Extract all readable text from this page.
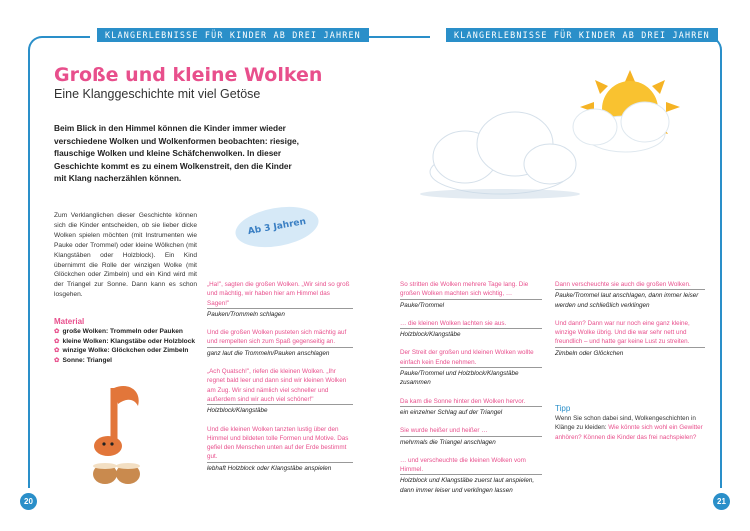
KLANGERLEBNISSE FÜR KINDER AB DREI JAHREN	KLANGERLEBNISSE FÜR KINDER AB DREI JAHREN
Große und kleine Wolken
Eine Klanggeschichte mit viel Getöse
Beim Blick in den Himmel können die Kinder immer wieder verschiedene Wolken und Wolkenformen beobachten: riesige, flauschige Wolken und kleine Schäfchenwolken. In dieser Geschichte kommt es zu einem Wolkenstreit, den die Kinder mit Klang nacherzählen können.
Zum Verklanglichen dieser Geschichte können sich die Kinder entscheiden, ob sie lieber dicke Wolken spielen möchten (mit Instrumenten wie Pauke oder Trommel) oder kleine Wölkchen (mit Klangstäben oder Holzblock). Ein Kind übernimmt die Rolle der winzigen Wolke (mit Glöckchen oder Zimbeln) und ein Kind wird mit der Triangel zur Sonne. Dann kann es schon losgehen.
Ab 3 Jahren
Material
✿ große Wolken: Trommeln oder Pauken
✿ kleine Wolken: Klangstäbe oder Holzblock
✿ winzige Wolke: Glöckchen oder Zimbeln
✿ Sonne: Triangel

„Ha!", sagten die großen Wolken. „Wir sind so groß und mächtig, wir haben hier am Himmel das Sagen!"
Pauken/Trommeln schlagen

Und die großen Wolken pusteten sich mächtig auf und rempelten sich zum Spaß gegenseitig an.
ganz laut die Trommeln/Pauken anschlagen

„Ach Quatsch!", riefen die kleinen Wolken. „Ihr regnet bald leer und dann sind wir kleinen Wolken am Zug. Wir sind nämlich viel schneller und außerdem sind wir auch viel schöner!"
Holzblock/Klangstäbe

Und die kleinen Wolken tanzten lustig über den Himmel und bildeten tolle Formen und Motive. Das gefiel den Menschen unten auf der Erde bestimmt gut.
lebhaft Holzblock oder Klangstäbe anspielen

So stritten die Wolken mehrere Tage lang. Die großen Wolken machten sich wichtig, …
Pauke/Trommel

… die kleinen Wolken lachten sie aus.
Holzblock/Klangstäbe

Der Streit der großen und kleinen Wolken wollte einfach kein Ende nehmen.
Pauke/Trommel und Holzblock/Klangstäbe zusammen

Da kam die Sonne hinter den Wolken hervor.
ein einzelner Schlag auf der Triangel

Sie wurde heißer und heißer …
mehrmals die Triangel anschlagen

… und verscheuchte die kleinen Wolken vom Himmel.
Holzblock und Klangstäbe zuerst laut anspielen, dann immer leiser und verklingen lassen

Dann verscheuchte sie auch die großen Wolken.
Pauke/Trommel laut anschlagen, dann immer leiser werden und schließlich verklingen

Und dann? Dann war nur noch eine ganz kleine, winzige Wolke übrig. Und die war sehr nett und freundlich – und hatte gar keine Lust zu streiten.
Zimbeln oder Glöckchen

Tipp
Wenn Sie schon dabei sind, Wolkengeschichten in Klänge zu kleiden: Wie könnte sich wohl ein Gewitter anhören? Können die Kinder das frei nachspielen?
20	21
